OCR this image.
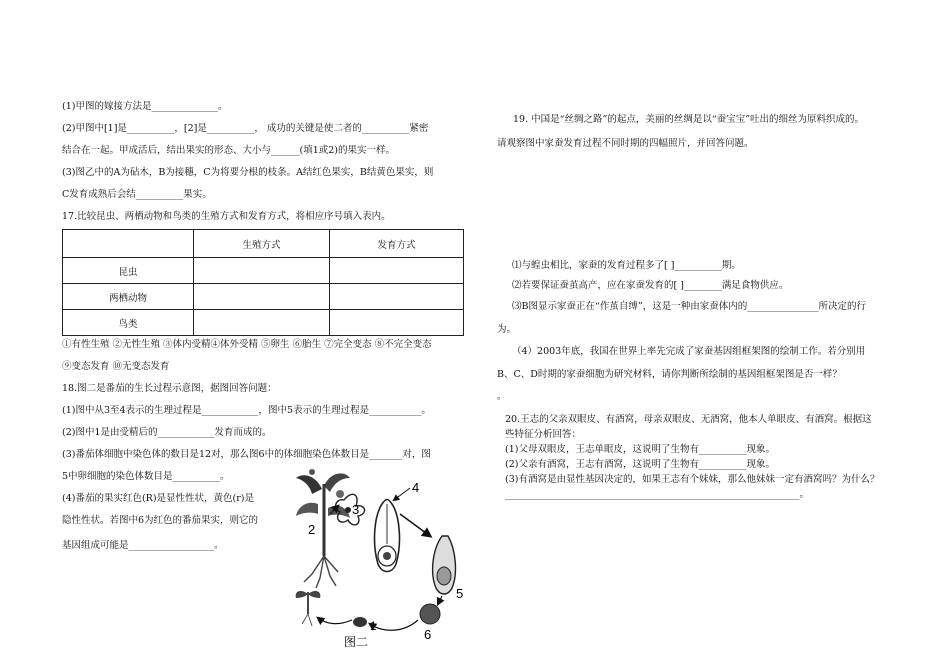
(1)甲图的嫁接方法是______________。
(2)甲图中[1]是__________，[2]是__________， 成功的关键是使二者的__________紧密
结合在一起。甲成活后，结出果实的形态、大小与______(填1或2)的果实一样。
(3)图乙中的A为砧木，B为接穗，C为将要分根的枝条。A结红色果实，B结黄色果实，则
C发育成熟后会结__________果实。
17.比较昆虫、两栖动物和鸟类的生殖方式和发育方式，将相应序号填入表内。
	生殖方式	发育方式
昆虫		
两栖动物		
鸟类		
①有性生殖 ②无性生殖 ③体内受精④体外受精 ⑤卵生 ⑥胎生 ⑦完全变态 ⑧不完全变态
⑨变态发育 ⑩无变态发育
18.图二是番茄的生长过程示意图，据图回答问题：
(1)图中从3至4表示的生理过程是____________，图中5表示的生理过程是___________。
(2)图中1是由受精后的____________发育而成的。
(3)番茄体细胞中染色体的数目是12对，那么图6中的体细胞染色体数目是_______对，图
5中卵细胞的染色体数目是__________。
(4)番茄的果实红色(R)是显性性状，黄色(r)是
隐性性状。若图中6为红色的番茄果实，则它的
基因组成可能是__________________。
2
1
3
4
5
6
图二
19. 中国是“丝绸之路”的起点，美丽的丝绸是以“蚕宝宝”吐出的细丝为原料织成的。
请观察图中家蚕发育过程不同时期的四幅照片，并回答问题。
⑴与蝗虫相比，家蚕的发育过程多了[ ]__________期。
⑵若要保证蚕茧高产，应在家蚕发育的[ ]________满足食物供应。
⑶B图显示家蚕正在“作茧自缚”，这是一种由家蚕体内的_______________所决定的行
为。
（4）2003年底，我国在世界上率先完成了家蚕基因组框架图的绘制工作。若分别用
B、C、D时期的家蚕细胞为研究材料，请你判断所绘制的基因组框架图是否一样？
。
20.王志的父亲双眼皮、有酒窝，母亲双眼皮、无酒窝，他本人单眼皮、有酒窝。根据这
些特征分析回答：
(1)父母双眼皮，王志单眼皮，这说明了生物有__________现象。
(2)父亲有酒窝，王志有酒窝，这说明了生物有__________现象。
(3)有酒窝是由显性基因决定的，如果王志有个妹妹，那么他妹妹一定有酒窝吗？为什么？
______________________________________________________________。
